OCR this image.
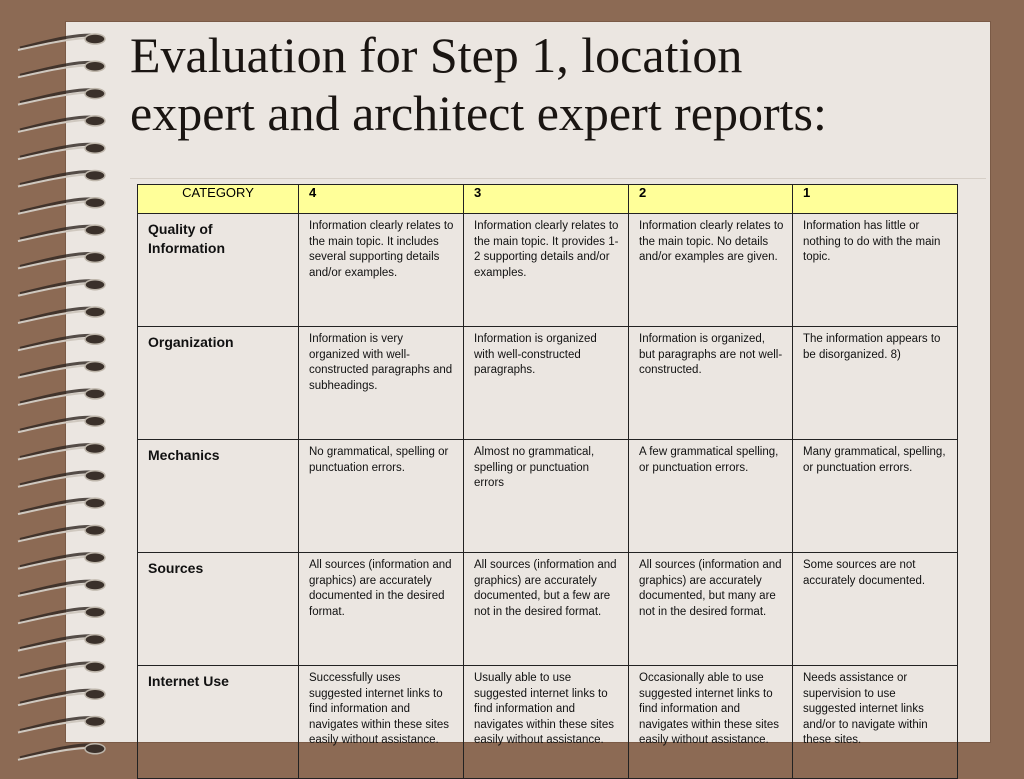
Evaluation for Step 1, location
expert and architect expert reports:
CATEGORY	4	3	2	1
Quality of Information	Information clearly relates to the main topic. It includes several supporting details and/or examples.	Information clearly relates to the main topic. It provides 1-2 supporting details and/or examples.	Information clearly relates to the main topic. No details and/or examples are given.	Information has little or nothing to do with the main topic.
Organization	Information is very organized with well-constructed paragraphs and subheadings.	Information is organized with well-constructed paragraphs.	Information is organized, but paragraphs are not well-constructed.	The information appears to be disorganized. 8)
Mechanics	No grammatical, spelling or punctuation errors.	Almost no grammatical, spelling or punctuation errors	A few grammatical spelling, or punctuation errors.	Many grammatical, spelling, or punctuation errors.
Sources	All sources (information and graphics) are accurately documented in the desired format.	All sources (information and graphics) are accurately documented, but a few are not in the desired format.	All sources (information and graphics) are accurately documented, but many are not in the desired format.	Some sources are not accurately documented.
Internet Use	Successfully uses suggested internet links to find information and navigates within these sites easily without assistance.	Usually able to use suggested internet links to find information and navigates within these sites easily without assistance.	Occasionally able to use suggested internet links to find information and navigates within these sites easily without assistance.	Needs assistance or supervision to use suggested internet links and/or to navigate within these sites.
